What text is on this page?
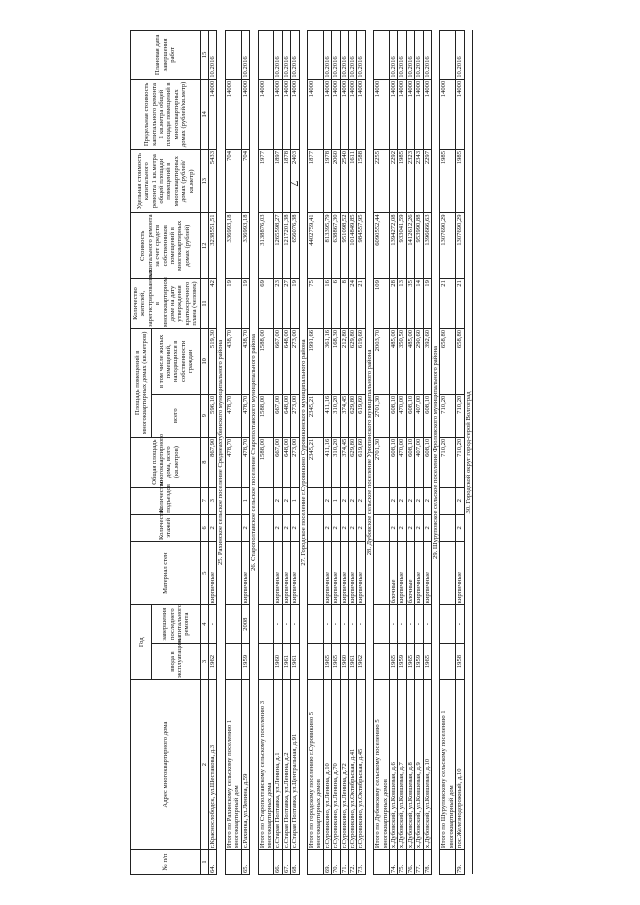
7
№ п/п	Адрес многоквартирного дома	Год		Материал стен	Количество этажей	Количество подъездов	Общая площадь многоквартирного дома, всего (кв.метров)	Площадь помещений в многоквартирных домах (кв.метров)		Количество жителей, зарегистрированных в многоквартирном доме на дату утверждения краткосрочного плана (человек)	Стоимость капитального ремонта за счет средств собственников помещений в многоквартирных домах (рублей)	Удельная стоимость капитального ремонта 1 кв.метра общей площади помещений в многоквартирных домах (рублей/кв.метр)	Предельная стоимость капитального ремонта 1 кв.метра общей площади помещений в многоквартирных домах (рублей/кв.метр)	Плановая дата завершения работ
		ввода в эксплуатацию	завершения последнего капитального ремонта					всего	в том числе жилых помещений, находящихся в собственности граждан					
1	2	3	4	5	6	7	8	9	10	11	12	13	14	15
64.	г.Краснослободск, ул.Шестакова, д.3	1962	-	кирпичные	2	3	867,90	596,10	519,30	42	3238551,51	5433	14000	10.2016
25. Рахинское сельское поселение Среднеахтубинского муниципального района														
	Итого по Рахинскому сельскому поселению 1 многоквартирный дом						478,70	478,70	438,70	19	336993,18	704	14000	
65.	с.Рахинка, ул.Ленина, д.59	1959	2008	кирпичные	2	1	478,70	478,70	438,70	19	336993,18	704	14000	10.2016
26. Старополтавское сельское поселение Старополтавского муниципального района														
	Итого по Старополтавскому сельскому поселению 3 многоквартирных дома						1588,00	1588,00	1588,00	69	3138876,03	1977	14000	
66.	с.Старая Полтавка, ул.Ленина, д.1	1960	-	кирпичные	2	2	667,00	667,00	667,00	23	1265598,27	1897	14000	10.2016
67.	с.Старая Полтавка, ул.Ленина, д.2	1961	-	кирпичные	2	2	648,00	648,00	648,00	27	1217201,38	1878	14000	10.2016
68.	с.Старая Полтавка, ул.Центральная, д.91	1961	-	кирпичные	2	1	273,00	273,00	273,00	19	656076,38	2403	14000	10.2016
27. Городское поселение г.Суровикино Суровикинского муниципального района														
	Итого по городскому поселению г.Суровикино 5 многоквартирных домов						2345,21	2345,21	1991,66	75	4402759,41	1877	14000	
69.	г.Суровикино, ул.Ленина, д.10	1965	-	кирпичные	2	2	411,16	411,16	361,16	16	813395,79	1978	14000	10.2016
70.	г.Суровикино, ул.Ленина, д.70	1965	-	кирпичные	2	1	310,20	310,20	168,30	6	638867,30	2060	14000	10.2016
71.	г.Суровикино, ул.Ленина, д.72	1960	-	кирпичные	2	2	374,45	374,45	212,80	8	951098,52	2540	14000	10.2016
72.	г.Суровикино, ул.Октябрьская, д.41	1961	-	кирпичные	2	2	629,80	629,80	629,80	24	1014849,85	1611	14000	10.2016
73.	г.Суровикино, ул.Октябрьская, д.45	1962	-	кирпичные	2	2	619,60	619,60	619,60	21	984557,95	1588	14000	10.2016
28. Дубовское сельское поселение Урюпинского муниципального района														
	Итого по Дубовскому сельскому поселению 5 многоквартирных домов						2701,30	2701,30	2003,70	109	6090552,44	2255	14000	
74.	х.Дубовский, ул.Ковшевая, д.6	1965	-	блочные	2	2	608,10	608,10	485,00	28	1394272,08	2292	14000	10.2016
75.	х.Дубовский, ул.Ковшевая, д.7	1959	-	кирпичные	2	2	470,00	470,00	350,50	13	933041,59	1985	14000	10.2016
76.	х.Дубовский, ул.Ковшевая, д.8	1965	-	блочные	2	2	608,10	608,10	485,00	35	1412612,26	2323	14000	10.2016
77.	х.Дубовский, ул.Ковшевая, д.9	1959	-	кирпичные	2	2	407,00	407,00	290,60	14	953990,88	2343	14000	10.2016
78.	х.Дубовский, ул.Ковшевая, д.10	1965	-	кирпичные	2	2	608,10	608,10	392,60	19	1396666,63	2297	14000	10.2016
29. Шуруповское сельское поселение Фроловского муниципального района														
	Итого по Шуруповскому сельскому поселению 1 многоквартирный дом						710,20	710,20	658,80	21	1307690,29	1985	14000	
79.	пос.Железнодорожный, д.10	1958	-	кирпичные	2	2	710,20	710,20	658,80	21	1307690,29	1985	14000	10.2016
30. Городской округ город-герой Волгоград														
